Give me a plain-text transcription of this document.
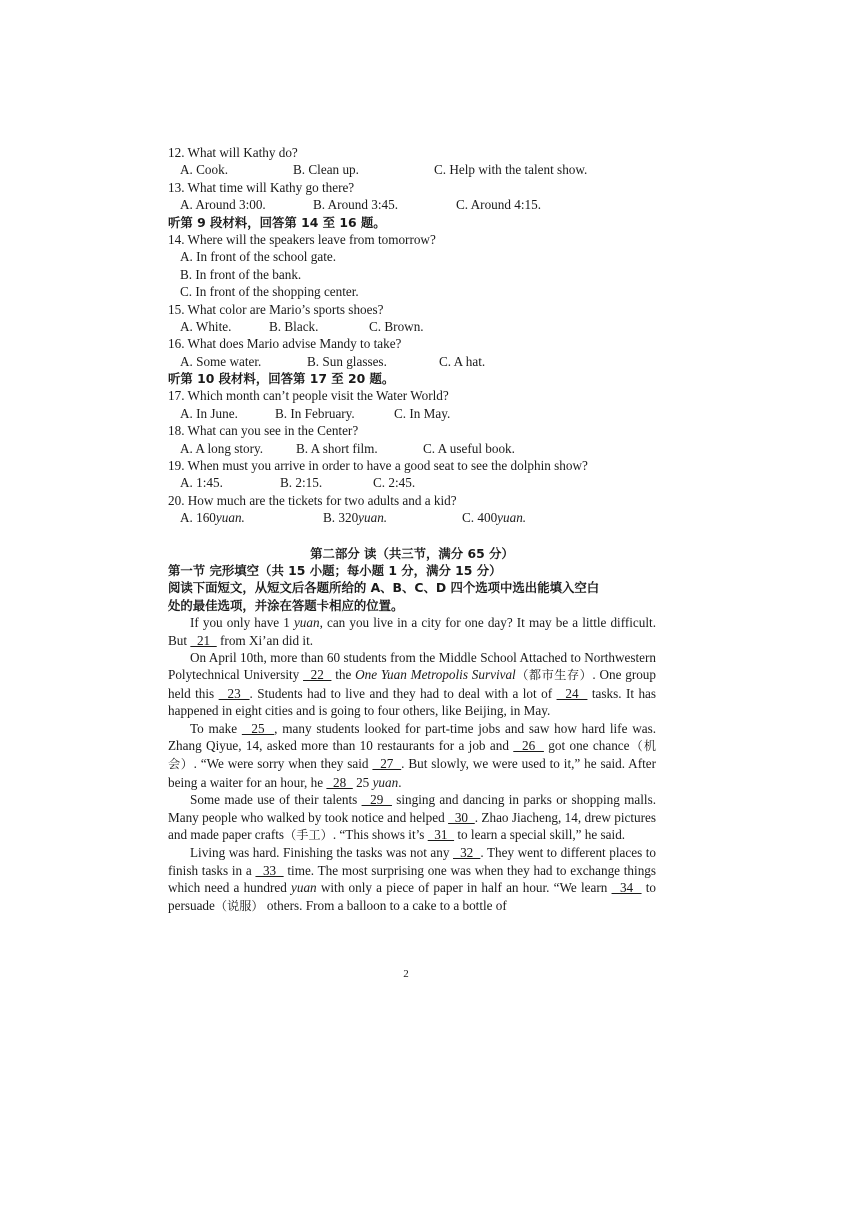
12. What will Kathy do?
A. Cook.	B. Clean up.	C. Help with the talent show.
13. What time will Kathy go there?
A. Around 3:00.	B. Around 3:45.	C. Around 4:15.
听第 9 段材料，回答第 14 至 16 题。
14. Where will the speakers leave from tomorrow?
A. In front of the school gate.
B. In front of the bank.
C. In front of the shopping center.
15. What color are Mario’s sports shoes?
A. White.	B. Black.	C. Brown.
16. What does Mario advise Mandy to take?
A. Some water.	B. Sun glasses.	C. A hat.
听第 10 段材料，回答第 17 至 20 题。
17. Which month can’t people visit the Water World?
A. In June.	B. In February.	C. In May.
18. What can you see in the Center?
A. A long story.	B. A short film.	C. A useful book.
19. When must you arrive in order to have a good seat to see the dolphin show?
A. 1:45.	B. 2:15.	C. 2:45.
20. How much are the tickets for two adults and a kid?
A. 160yuan.	B. 320yuan.	C. 400yuan.
第二部分 读（共三节，满分 65 分）
第一节 完形填空（共 15 小题；每小题 1 分，满分 15 分）
阅读下面短文，从短文后各题所给的 A、B、C、D 四个选项中选出能填入空白
处的最佳选项，并涂在答题卡相应的位置。

If you only have 1 yuan, can you live in a city for one day? It may be a little difficult. But   21   from Xi’an did it.

On April 10th, more than 60 students from the Middle School Attached to Northwestern Polytechnical University   22   the One Yuan Metropolis Survival（都市生存）. One group held this   23  . Students had to live and they had to deal with a lot of   24   tasks. It has happened in eight cities and is going to four others, like Beijing, in May.

To make   25  , many students looked for part-time jobs and saw how hard life was. Zhang Qiyue, 14, asked more than 10 restaurants for a job and   26   got one chance（机会）. “We were sorry when they said   27  . But slowly, we were used to it,” he said. After being a waiter for an hour, he   28   25 yuan.

Some made use of their talents   29   singing and dancing in parks or shopping malls. Many people who walked by took notice and helped   30  . Zhao Jiacheng, 14, drew pictures and made paper crafts（手工）. “This shows it’s   31   to learn a special skill,” he said.

Living was hard. Finishing the tasks was not any   32  . They went to different places to finish tasks in a   33   time. The most surprising one was when they had to exchange things which need a hundred yuan with only a piece of paper in half an hour. “We learn   34   to persuade（说服） others. From a balloon to a cake to a bottle of

2
